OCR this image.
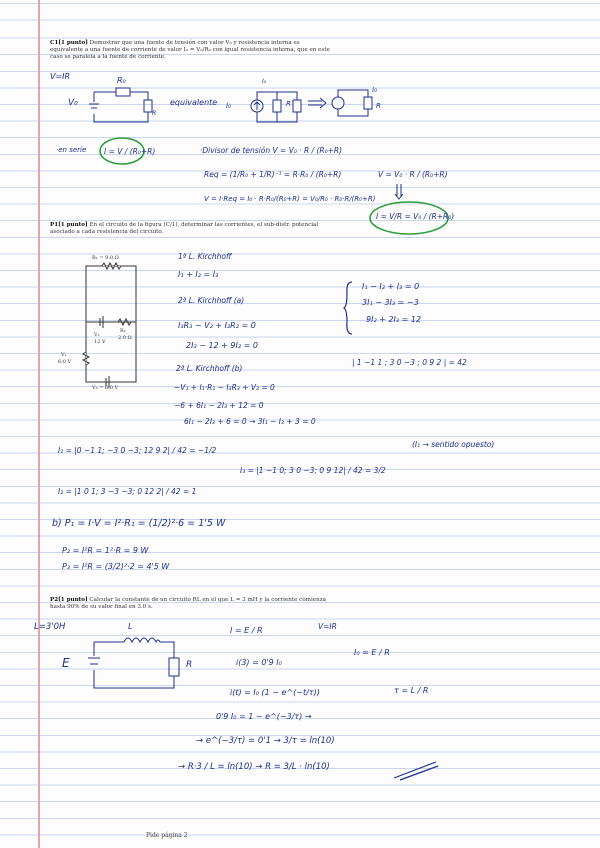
C1[1 punto] Demostrar que una fuente de tensión con valor V₀ y resistencia interna es equivalente a una fuente de corriente de valor I₀ = V₀/R₀ con igual resistencia interna, que en este caso se paralela a la fuente de corriente.
P1[1 punto] En el circuito de la figura (C/1), determinar las corrientes, el sub-distr. potencial asociado a cada resistencia del circuito.
P2[1 punto] Calcular la constante de un circuito RL en el que L = 3 mH y la corriente comienza hasta 90% de su valor final en 3.0 s.
V=IR	R₀
V₀
R
equivalente I₀	R
I₀
I₀
R
·en serie I = V / (R₀+R)	·Divisor de tensión V = V₀ · R / (R₀+R)
Req = (1/R₀ + 1/R)⁻¹ = R·R₀ / (R₀+R)	V = V₀ · R / (R₀+R)
V = I·Req = I₀ · R·R₀/(R₀+R) = V₀/R₀ · R₀·R/(R₀+R)
I = V/R = V₀ / (R+R₀)
R₁ = 9.0 Ω
R₂
2.0 Ω
V₂
12 V
V₁
6.0 V
V₃ = 6.0 V
1ª L. Kirchhoff
I₁ + I₂ = I₃
2ª L. Kirchhoff (a)
I₃R₃ − V₂ + I₂R₂ = 0
2I₃ − 12 + 9I₂ = 0
2ª L. Kirchhoff (b)
−V₁ + I₁·R₁ − I₃R₃ + V₂ = 0
−6 + 6I₁ − 2I₃ + 12 = 0
6I₁ − 2I₃ + 6 = 0 → 3I₁ − I₃ + 3 = 0
I₁ − I₂ + I₃ = 0
3I₁ − 3I₃ = −3
9I₂ + 2I₃ = 12
| 1 −1 1 ; 3 0 −3 ; 0 9 2 | = 42
I₁ = |0 −1 1; −3 0 −3; 12 9 2| / 42 = −1/2
I₂ = |1 0 1; 3 −3 −3; 0 12 2| / 42 = 1
I₃ = |1 −1 0; 3 0 −3; 0 9 12| / 42 = 3/2
(I₁ → sentido opuesto)
b) P₁ = I·V = I²·R₁ = (1/2)²·6 = 1'5 W
P₂ = I²R = 1²·R = 9 W
P₃ = I²R = (3/2)²·2 = 4'5 W
L=3'0H	L
E	R
I = E / R	V=IR
i(3) = 0'9 I₀
I₀ = E / R
i(t) = I₀ (1 − e^(−t/τ))	τ = L / R
0'9 I₀ = 1 − e^(−3/τ) →
→ e^(−3/τ) = 0'1 → 3/τ = ln(10)
→ R·3 / L = ln(10) → R = 3/L · ln(10)
Pide página 2
